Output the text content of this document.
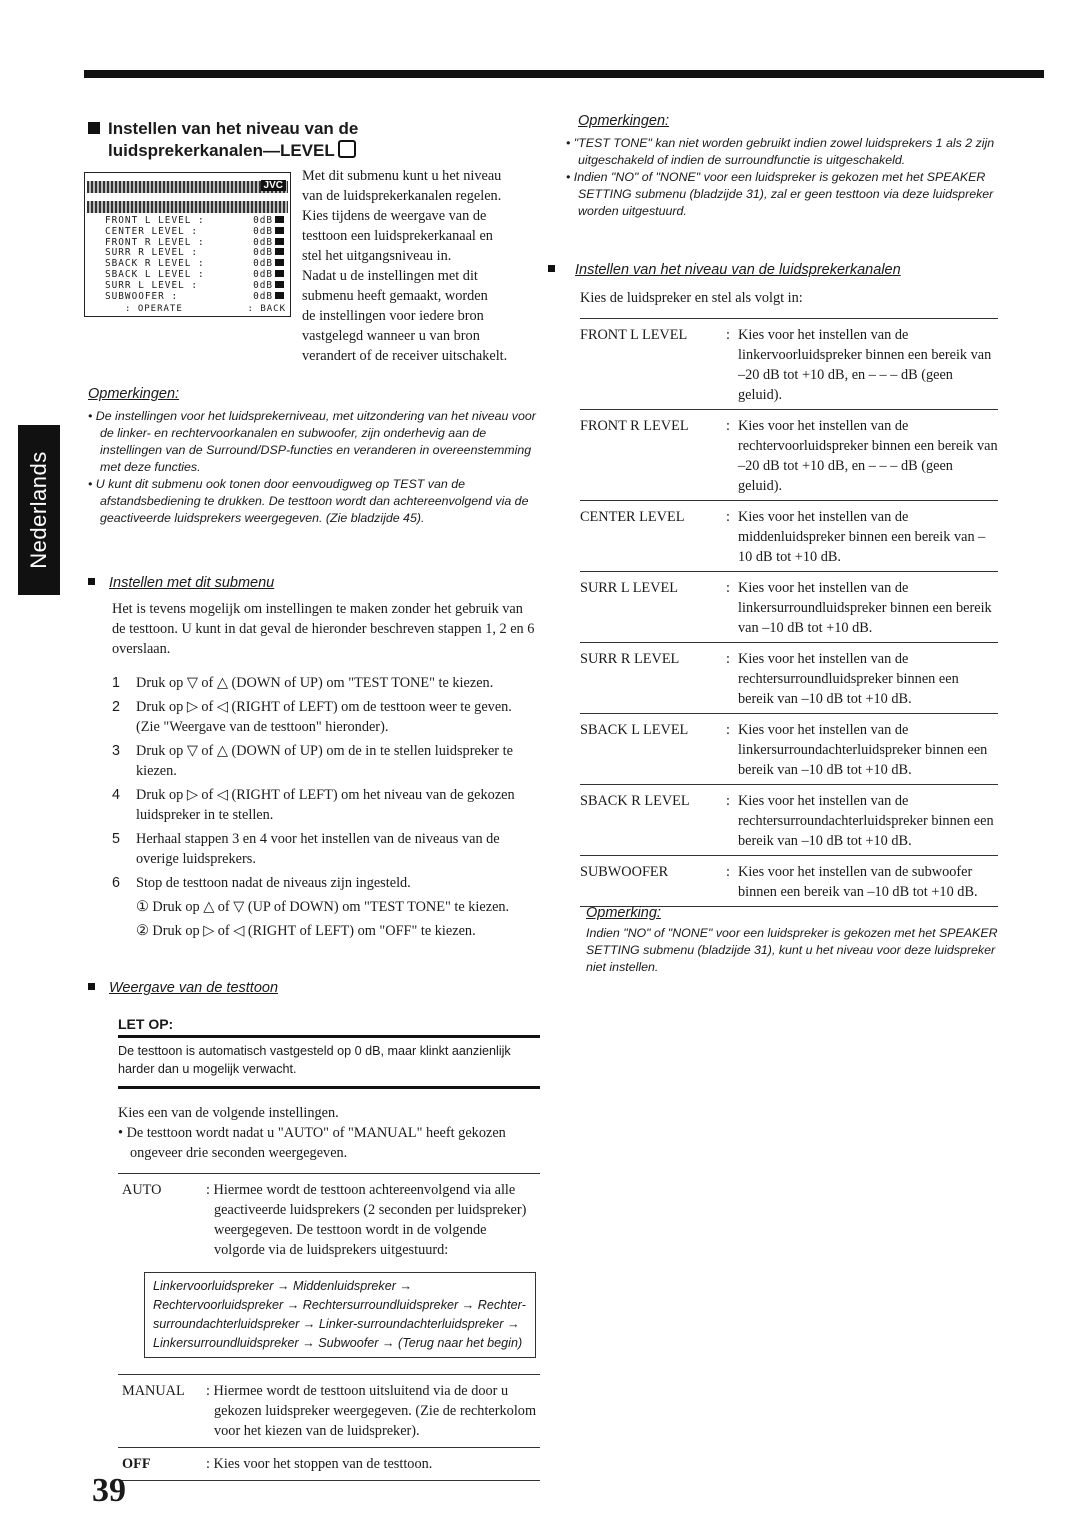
Instellen van het niveau van de
luidsprekerkanalen—LEVEL
JVC
FRONT L LEVEL :	0dB
CENTER LEVEL :	0dB
FRONT R LEVEL :	0dB
SURR R LEVEL :	0dB
SBACK R LEVEL :	0dB
SBACK L LEVEL :	0dB
SURR L LEVEL :	0dB
SUBWOOFER :	0dB
: OPERATE	: BACK
Met dit submenu kunt u het niveau
van de luidsprekerkanalen regelen.
Kies tijdens de weergave van de
testtoon een luidsprekerkanaal en
stel het uitgangsniveau in.
Nadat u de instellingen met dit
submenu heeft gemaakt, worden
de instellingen voor iedere bron
vastgelegd wanneer u van bron
verandert of de receiver uitschakelt.
Opmerkingen:
• De instellingen voor het luidsprekerniveau, met uitzondering van het niveau voor de linker- en rechtervoorkanalen en subwoofer, zijn onderhevig aan de instellingen van de Surround/DSP-functies en veranderen in overeenstemming met deze functies.
• U kunt dit submenu ook tonen door eenvoudigweg op TEST van de afstandsbediening te drukken. De testtoon wordt dan achtereenvolgend via de geactiveerde luidsprekers weergegeven. (Zie bladzijde 45).
Instellen met dit submenu
Het is tevens mogelijk om instellingen te maken zonder het gebruik van de testtoon. U kunt in dat geval de hieronder beschreven stappen 1, 2 en 6 overslaan.
1	Druk op ▽ of △ (DOWN of UP) om "TEST TONE" te kiezen.
2	Druk op ▷ of ◁ (RIGHT of LEFT) om de testtoon weer te geven. (Zie "Weergave van de testtoon" hieronder).
3	Druk op ▽ of △ (DOWN of UP) om de in te stellen luidspreker te kiezen.
4	Druk op ▷ of ◁ (RIGHT of LEFT) om het niveau van de gekozen luidspreker in te stellen.
5	Herhaal stappen 3 en 4 voor het instellen van de niveaus van de overige luidsprekers.
6	Stop de testtoon nadat de niveaus zijn ingesteld.
① Druk op △ of ▽ (UP of DOWN) om "TEST TONE" te kiezen.
② Druk op ▷ of ◁ (RIGHT of LEFT) om "OFF" te kiezen.
Weergave van de testtoon
LET OP:
De testtoon is automatisch vastgesteld op 0 dB, maar klinkt aanzienlijk harder dan u mogelijk verwacht.
Kies een van de volgende instellingen.
• De testtoon wordt nadat u "AUTO" of "MANUAL" heeft gekozen ongeveer drie seconden weergegeven.
AUTO	: Hiermee wordt de testtoon achtereenvolgend via alle geactiveerde luidsprekers (2 seconden per luidspreker) weergegeven. De testtoon wordt in de volgende volgorde via de luidsprekers uitgestuurd:
Linkervoorluidspreker → Middenluidspreker → Rechtervoorluidspreker → Rechtersurroundluidspreker → Rechter-surroundachterluidspreker → Linker-surroundachterluidspreker → Linkersurroundluidspreker → Subwoofer → (Terug naar het begin)
MANUAL	: Hiermee wordt de testtoon uitsluitend via de door u gekozen luidspreker weergegeven. (Zie de rechterkolom voor het kiezen van de luidspreker).
OFF	: Kies voor het stoppen van de testtoon.
Opmerkingen:
• "TEST TONE" kan niet worden gebruikt indien zowel luidsprekers 1 als 2 zijn uitgeschakeld of indien de surroundfunctie is uitgeschakeld.
• Indien "NO" of "NONE" voor een luidspreker is gekozen met het SPEAKER SETTING submenu (bladzijde 31), zal er geen testtoon via deze luidspreker worden uitgestuurd.
Instellen van het niveau van de luidsprekerkanalen
Kies de luidspreker en stel als volgt in:
FRONT L LEVEL	: Kies voor het instellen van de linkervoorluidspreker binnen een bereik van –20 dB tot +10 dB, en – – – dB (geen geluid).
FRONT R LEVEL	: Kies voor het instellen van de rechtervoorluidspreker binnen een bereik van –20 dB tot +10 dB, en – – – dB (geen geluid).
CENTER LEVEL	: Kies voor het instellen van de middenluidspreker binnen een bereik van –10 dB tot +10 dB.
SURR L LEVEL	: Kies voor het instellen van de linkersurroundluidspreker binnen een bereik van –10 dB tot +10 dB.
SURR R LEVEL	: Kies voor het instellen van de rechtersurroundluidspreker binnen een bereik van –10 dB tot +10 dB.
SBACK L LEVEL	: Kies voor het instellen van de linkersurroundachterluidspreker binnen een bereik van –10 dB tot +10 dB.
SBACK R LEVEL	: Kies voor het instellen van de rechtersurroundachterluidspreker binnen een bereik van –10 dB tot +10 dB.
SUBWOOFER	: Kies voor het instellen van de subwoofer binnen een bereik van –10 dB tot +10 dB.
Opmerking:
Indien "NO" of "NONE" voor een luidspreker is gekozen met het SPEAKER SETTING submenu (bladzijde 31), kunt u het niveau voor deze luidspreker niet instellen.
Nederlands
39
